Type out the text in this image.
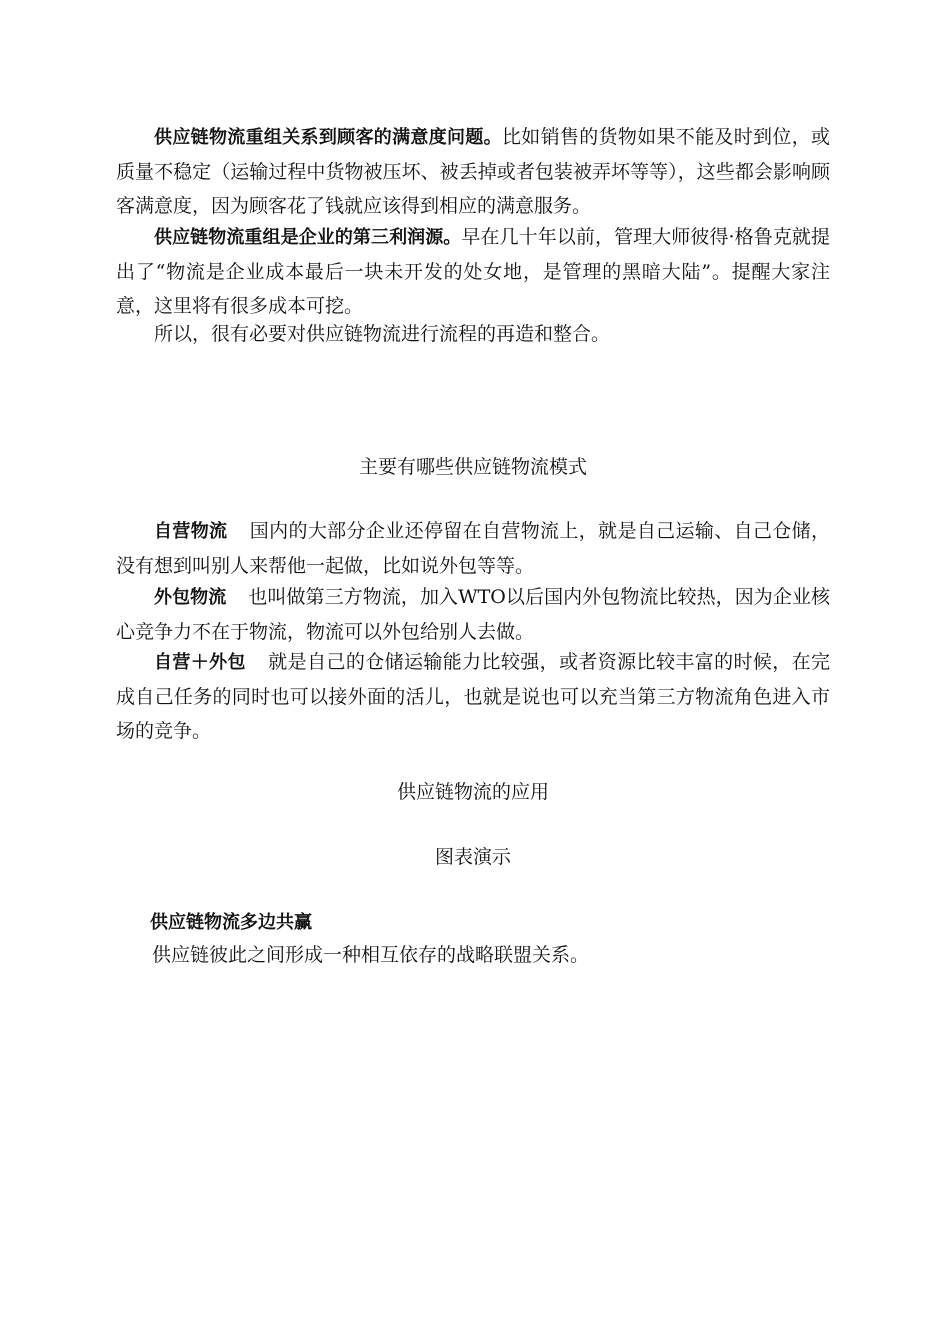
供应链物流重组关系到顾客的满意度问题。比如销售的货物如果不能及时到位，或质量不稳定（运输过程中货物被压坏、被丢掉或者包装被弄坏等等），这些都会影响顾客满意度，因为顾客花了钱就应该得到相应的满意服务。

供应链物流重组是企业的第三利润源。早在几十年以前，管理大师彼得·格鲁克就提出了“物流是企业成本最后一块未开发的处女地，是管理的黑暗大陆”。提醒大家注意，这里将有很多成本可挖。

所以，很有必要对供应链物流进行流程的再造和整合。

主要有哪些供应链物流模式

自营物流 国内的大部分企业还停留在自营物流上，就是自己运输、自己仓储，没有想到叫别人来帮他一起做，比如说外包等等。

外包物流 也叫做第三方物流，加入WTO以后国内外包物流比较热，因为企业核心竞争力不在于物流，物流可以外包给别人去做。

自营＋外包 就是自己的仓储运输能力比较强，或者资源比较丰富的时候，在完成自己任务的同时也可以接外面的活儿，也就是说也可以充当第三方物流角色进入市场的竞争。

供应链物流的应用

图表演示

供应链物流多边共赢

供应链彼此之间形成一种相互依存的战略联盟关系。
